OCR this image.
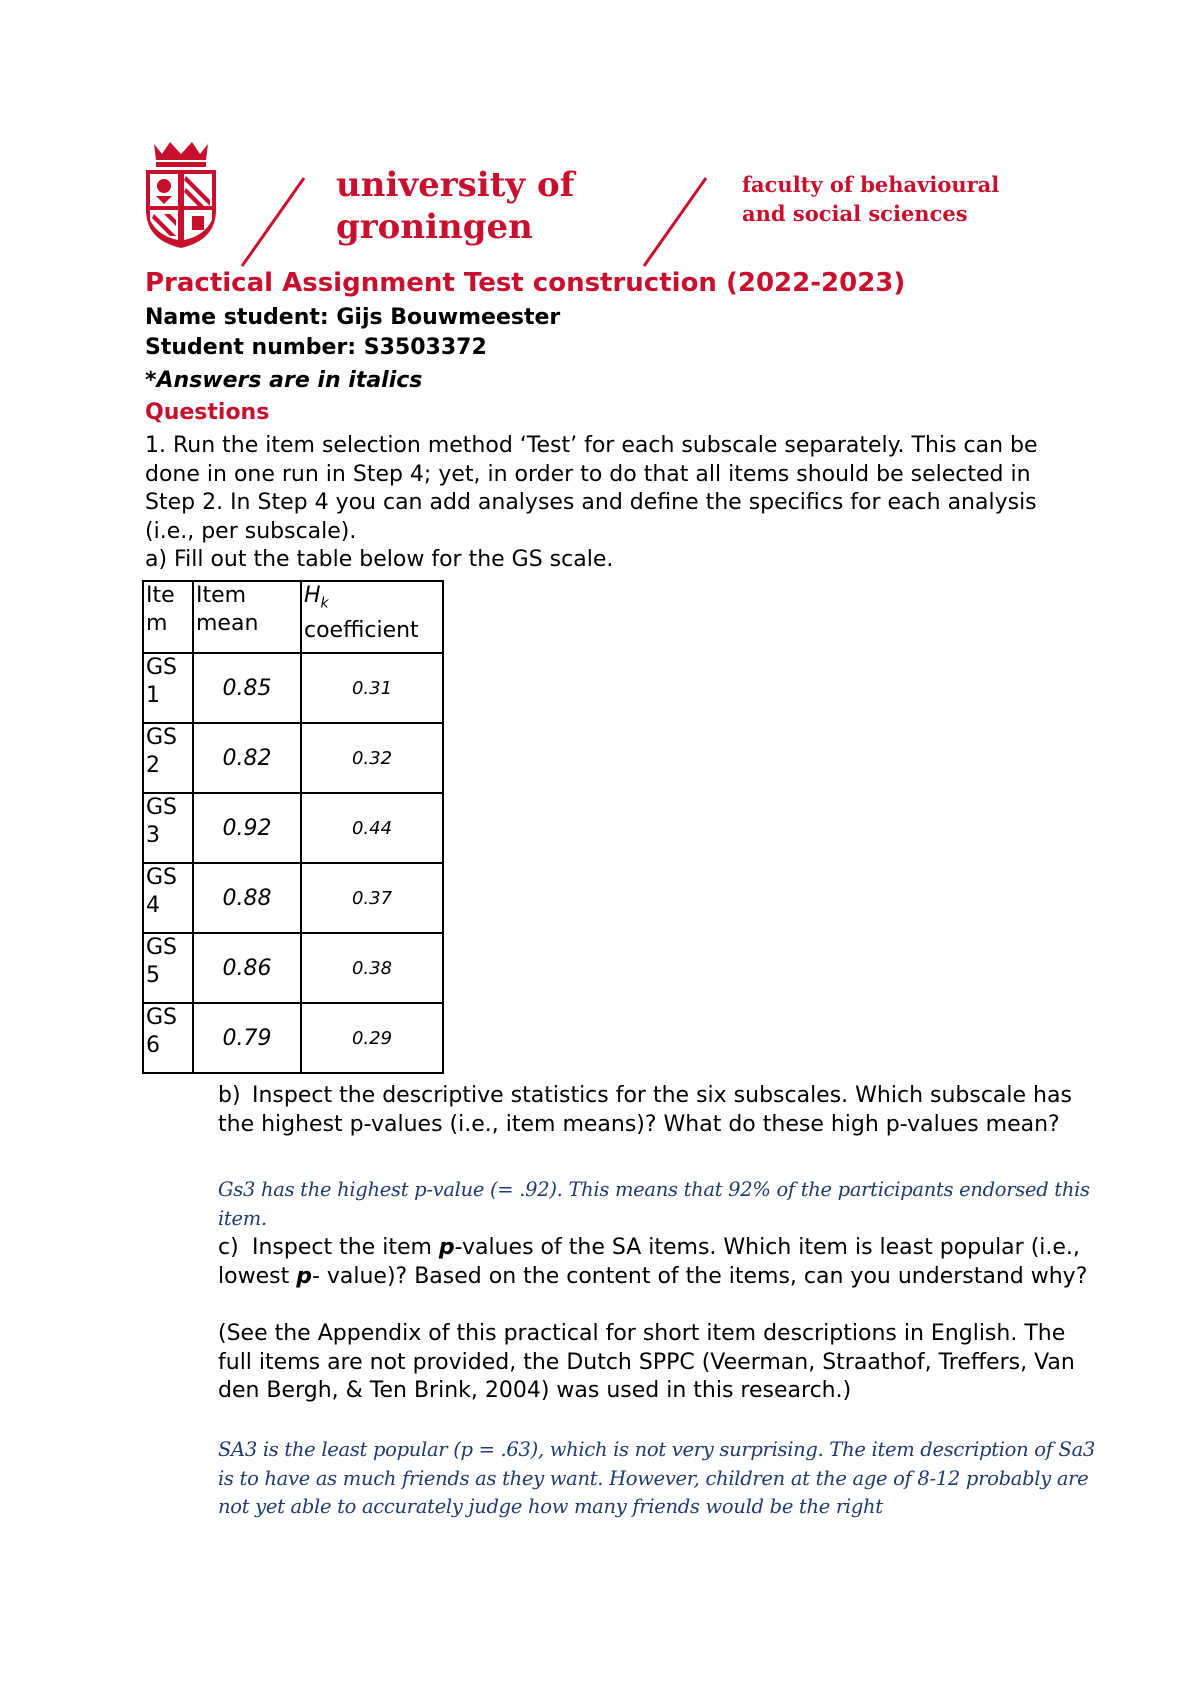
university of
groningen
faculty of behavioural
and social sciences
Practical Assignment Test construction (2022-2023)
Name student: Gijs Bouwmeester
Student number: S3503372
*Answers are in italics
Questions

1. Run the item selection method ‘Test’ for each subscale separately. This can be done in one run in Step 4; yet, in order to do that all items should be selected in Step 2. In Step 4 you can add analyses and define the specifics for each analysis (i.e., per subscale).

a) Fill out the table below for the GS scale.

Ite m	Item mean	$H_k$
coefficient

GS 1	0.85	0.31
GS 2	0.82	0.32
GS 3	0.92	0.44
GS 4	0.88	0.37
GS 5	0.86	0.38
GS 6	0.79	0.29
b) Inspect the descriptive statistics for the six subscales. Which subscale has the highest p-values (i.e., item means)? What do these high p-values mean?
Gs3 has the highest p-value (= .92). This means that 92% of the participants endorsed this item.
c) Inspect the item p-values of the SA items. Which item is least popular (i.e., lowest p- value)? Based on the content of the items, can you understand why?
(See the Appendix of this practical for short item descriptions in English. The full items are not provided, the Dutch SPPC (Veerman, Straathof, Treffers, Van den Bergh, & Ten Brink, 2004) was used in this research.)
SA3 is the least popular (p = .63), which is not very surprising. The item description of Sa3 is to have as much friends as they want. However, children at the age of 8-12 probably are not yet able to accurately judge how many friends would be the right
